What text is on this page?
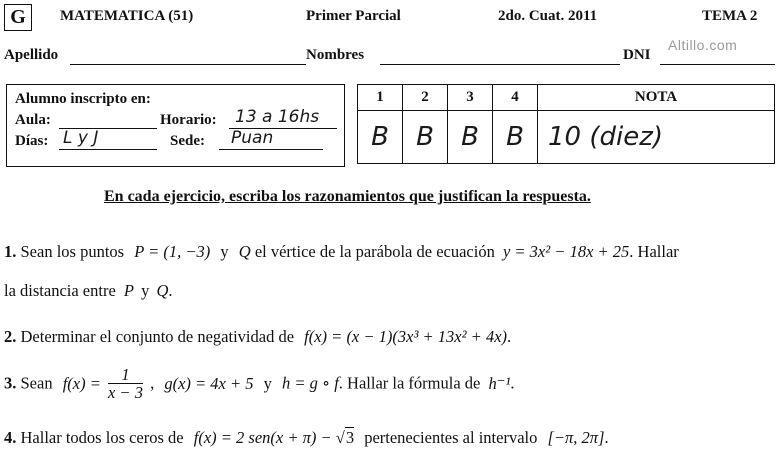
G	MATEMATICA (51)	Primer Parcial	2do. Cuat. 2011	TEMA 2
Apellido	Nombres	DNI
Altillo.com
Alumno inscripto en:
Aula:	Horario: 13 a 16hs
Días: L y J	Sede: Puan
1	2	3	4	NOTA
B	B	B	B	10 (diez)
En cada ejercicio, escriba los razonamientos que justifican la respuesta.
1. Sean los puntos P = (1, −3) y Q el vértice de la parábola de ecuación y = 3x² − 18x + 25. Hallar
la distancia entre P y Q.
2. Determinar el conjunto de negatividad de f(x) = (x − 1)(3x³ + 13x² + 4x).
3. Sean $f(x) = \frac{1}{x - 3}$ , g(x) = 4x + 5 y h = g ∘ f. Hallar la fórmula de h⁻¹.
4. Hallar todos los ceros de f(x) = 2 sen(x + π) − √3 pertenecientes al intervalo [−π, 2π].
